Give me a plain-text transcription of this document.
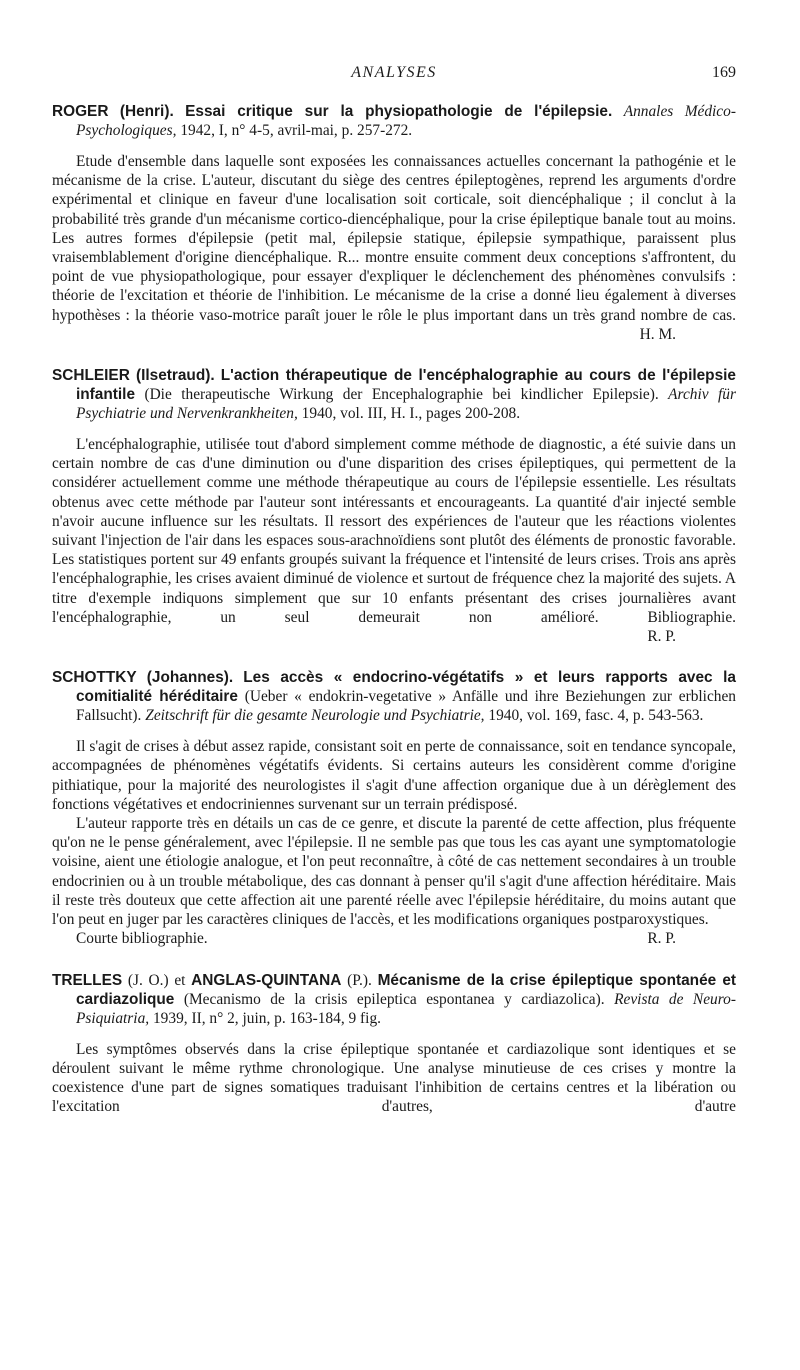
ANALYSES	169
ROGER (Henri). Essai critique sur la physiopathologie de l'épilepsie. Annales Médico-Psychologiques, 1942, I, n° 4-5, avril-mai, p. 257-272.

Etude d'ensemble dans laquelle sont exposées les connaissances actuelles concernant la pathogénie et le mécanisme de la crise. L'auteur, discutant du siège des centres épileptogènes, reprend les arguments d'ordre expérimental et clinique en faveur d'une localisation soit corticale, soit diencéphalique ; il conclut à la probabilité très grande d'un mécanisme cortico-diencéphalique, pour la crise épileptique banale tout au moins. Les autres formes d'épilepsie (petit mal, épilepsie statique, épilepsie sympathique, paraissent plus vraisemblablement d'origine diencéphalique. R... montre ensuite comment deux conceptions s'affrontent, du point de vue physiopathologique, pour essayer d'expliquer le déclenchement des phénomènes convulsifs : théorie de l'excitation et théorie de l'inhibition. Le mécanisme de la crise a donné lieu également à diverses hypothèses : la théorie vaso-motrice paraît jouer le rôle le plus important dans un très grand nombre de cas.

H. M.
SCHLEIER (Ilsetraud). L'action thérapeutique de l'encéphalographie au cours de l'épilepsie infantile (Die therapeutische Wirkung der Encephalographie bei kindlicher Epilepsie). Archiv für Psychiatrie und Nervenkrankheiten, 1940, vol. III, H. I., pages 200-208.

L'encéphalographie, utilisée tout d'abord simplement comme méthode de diagnostic, a été suivie dans un certain nombre de cas d'une diminution ou d'une disparition des crises épileptiques, qui permettent de la considérer actuellement comme une méthode thérapeutique au cours de l'épilepsie essentielle. Les résultats obtenus avec cette méthode par l'auteur sont intéressants et encourageants. La quantité d'air injecté semble n'avoir aucune influence sur les résultats. Il ressort des expériences de l'auteur que les réactions violentes suivant l'injection de l'air dans les espaces sous-arachnoïdiens sont plutôt des éléments de pronostic favorable. Les statistiques portent sur 49 enfants groupés suivant la fréquence et l'intensité de leurs crises. Trois ans après l'encéphalographie, les crises avaient diminué de violence et surtout de fréquence chez la majorité des sujets. A titre d'exemple indiquons simplement que sur 10 enfants présentant des crises journalières avant l'encéphalographie, un seul demeurait non amélioré. Bibliographie.

R. P.
SCHOTTKY (Johannes). Les accès « endocrino-végétatifs » et leurs rapports avec la comitialité héréditaire (Ueber « endokrin-vegetative » Anfälle und ihre Beziehungen zur erblichen Fallsucht). Zeitschrift für die gesamte Neurologie und Psychiatrie, 1940, vol. 169, fasc. 4, p. 543-563.

Il s'agit de crises à début assez rapide, consistant soit en perte de connaissance, soit en tendance syncopale, accompagnées de phénomènes végétatifs évidents. Si certains auteurs les considèrent comme d'origine pithiatique, pour la majorité des neurologistes il s'agit d'une affection organique due à un dérèglement des fonctions végétatives et endocriniennes survenant sur un terrain prédisposé.

L'auteur rapporte très en détails un cas de ce genre, et discute la parenté de cette affection, plus fréquente qu'on ne le pense généralement, avec l'épilepsie. Il ne semble pas que tous les cas ayant une symptomatologie voisine, aient une étiologie analogue, et l'on peut reconnaître, à côté de cas nettement secondaires à un trouble endocrinien ou à un trouble métabolique, des cas donnant à penser qu'il s'agit d'une affection héréditaire. Mais il reste très douteux que cette affection ait une parenté réelle avec l'épilepsie héréditaire, du moins autant que l'on peut en juger par les caractères cliniques de l'accès, et les modifications organiques postparoxystiques.

Courte bibliographie.	R. P.
TRELLES (J. O.) et ANGLAS-QUINTANA (P.). Mécanisme de la crise épileptique spontanée et cardiazolique (Mecanismo de la crisis epileptica espontanea y cardiazolica). Revista de Neuro-Psiquiatria, 1939, II, n° 2, juin, p. 163-184, 9 fig.

Les symptômes observés dans la crise épileptique spontanée et cardiazolique sont identiques et se déroulent suivant le même rythme chronologique. Une analyse minutieuse de ces crises y montre la coexistence d'une part de signes somatiques traduisant l'inhibition de certains centres et la libération ou l'excitation d'autres, d'autre
